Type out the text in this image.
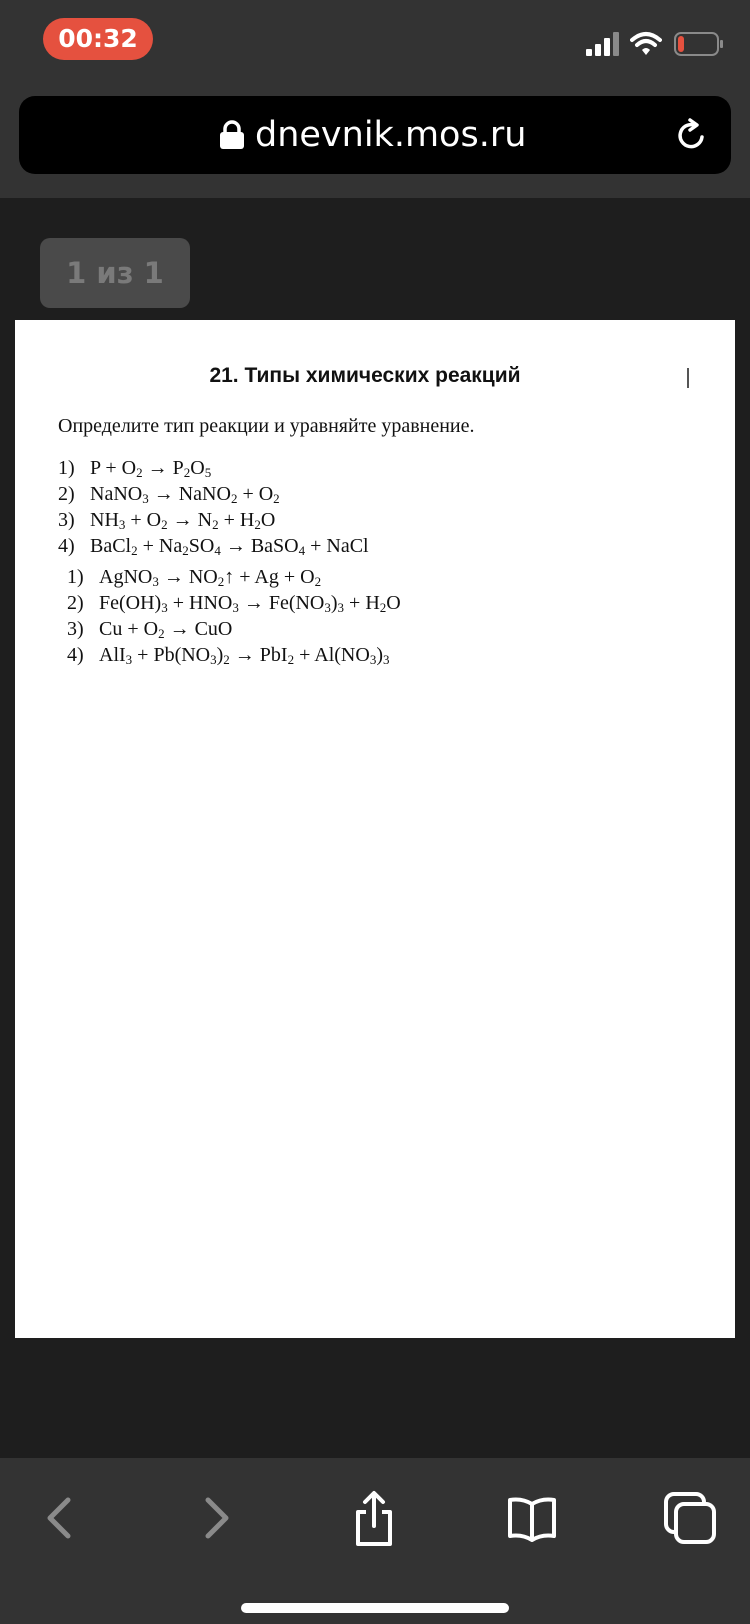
00:32
dnevnik.mos.ru
1 из 1
21. Типы химических реакций
Определите тип реакции и уравняйте уравнение.
1) $P + O_2 \to P_2O_5$
2) NaNO$_3$ → NaNO$_2$ + $O_2$
3) $NH_3 + O_2 \to N_2 + H_2O$
4) BaCl$_2$ + $Na_2SO_4$ → BaSO$_4$ + NaCl
1) AgNO$_3$ → $NO_2↑ + Ag + O_2$
2) $Fe(OH)_3 + HNO_3 \to Fe(NO_3)_3 + H_2O$
3) $Cu + O_2$ → CuO
4) $AlI_3 + Pb(NO_3)_2 \to PbI_2 + Al(NO_3)_3$
